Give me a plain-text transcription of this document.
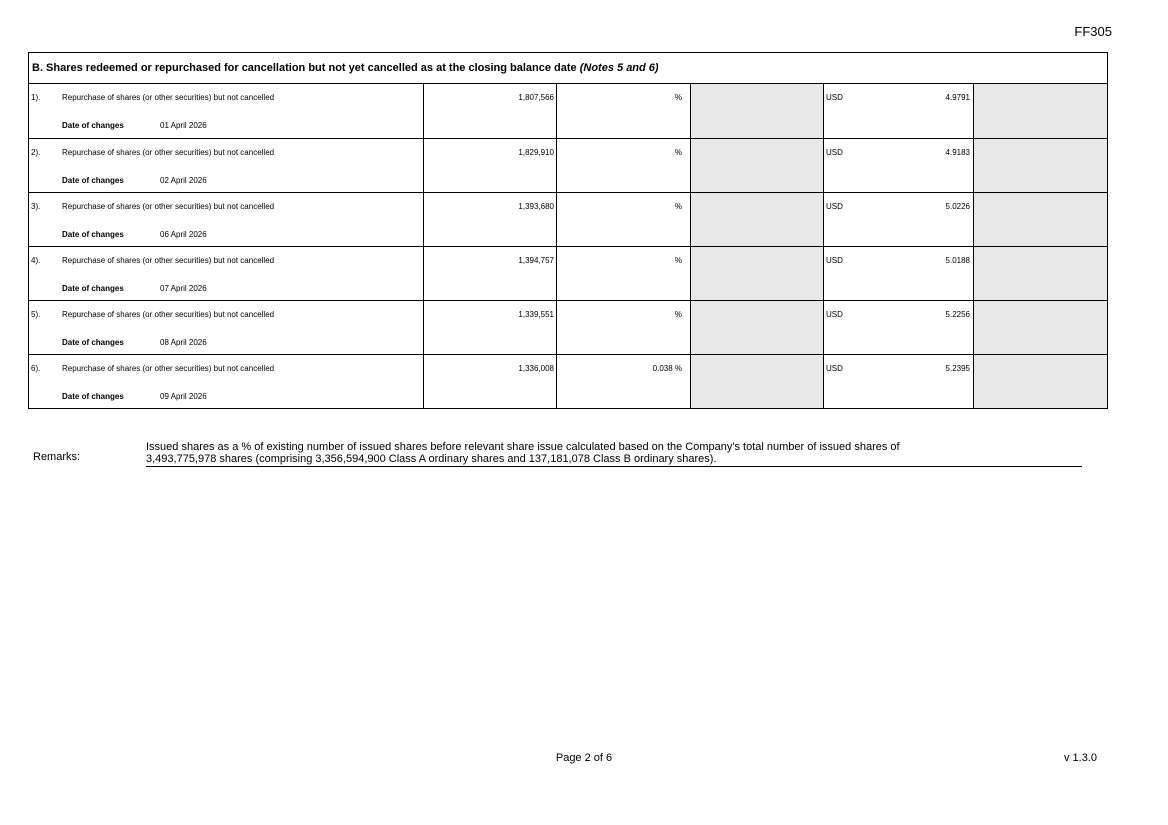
FF305
B. Shares redeemed or repurchased for cancellation but not yet cancelled as at the closing balance date (Notes 5 and 6)
1).	Repurchase of shares (or other securities) but not cancelled
Date of changes	01 April 2026
1,807,566	%	USD	4.9791
2).	Repurchase of shares (or other securities) but not cancelled
Date of changes	02 April 2026
1,829,910	%	USD	4.9183
3).	Repurchase of shares (or other securities) but not cancelled
Date of changes	06 April 2026
1,393,680	%	USD	5.0226
4).	Repurchase of shares (or other securities) but not cancelled
Date of changes	07 April 2026
1,394,757	%	USD	5.0188
5).	Repurchase of shares (or other securities) but not cancelled
Date of changes	08 April 2026
1,339,551	%	USD	5.2256
6).	Repurchase of shares (or other securities) but not cancelled
Date of changes	09 April 2026
1,336,008	0.038 %	USD	5.2395
Remarks:
Issued shares as a % of existing number of issued shares before relevant share issue calculated based on the Company's total number of issued shares of
3,493,775,978 shares (comprising 3,356,594,900 Class A ordinary shares and 137,181,078 Class B ordinary shares).
Page 2 of 6	v 1.3.0
